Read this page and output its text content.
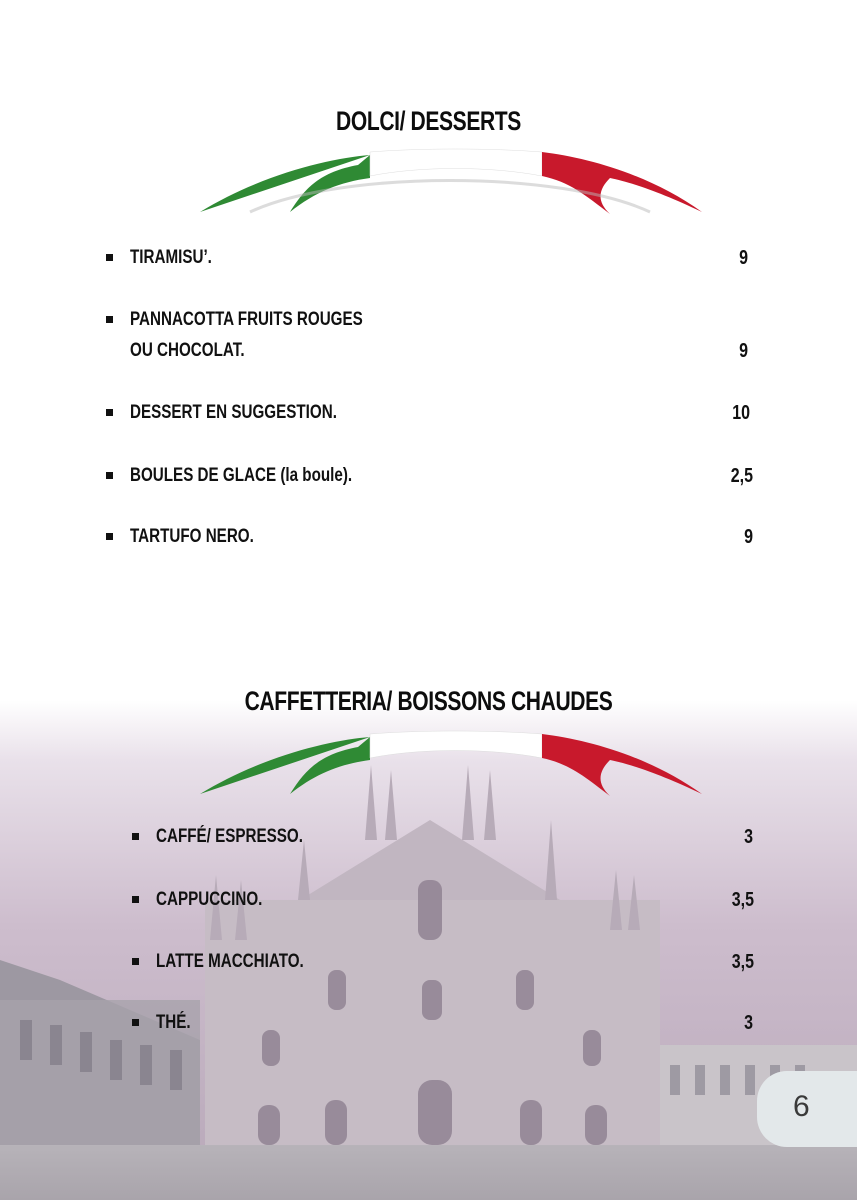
DOLCI/ DESSERTS
TIRAMISU’.	9
PANNACOTTA FRUITS ROUGES
OU CHOCOLAT.	9
DESSERT EN SUGGESTION.	10
BOULES DE GLACE (la boule).	2,5
TARTUFO NERO.	9
CAFFETTERIA/ BOISSONS CHAUDES
CAFFÉ/ ESPRESSO.	3
CAPPUCCINO.	3,5
LATTE MACCHIATO.	3,5
THÉ.	3
6
